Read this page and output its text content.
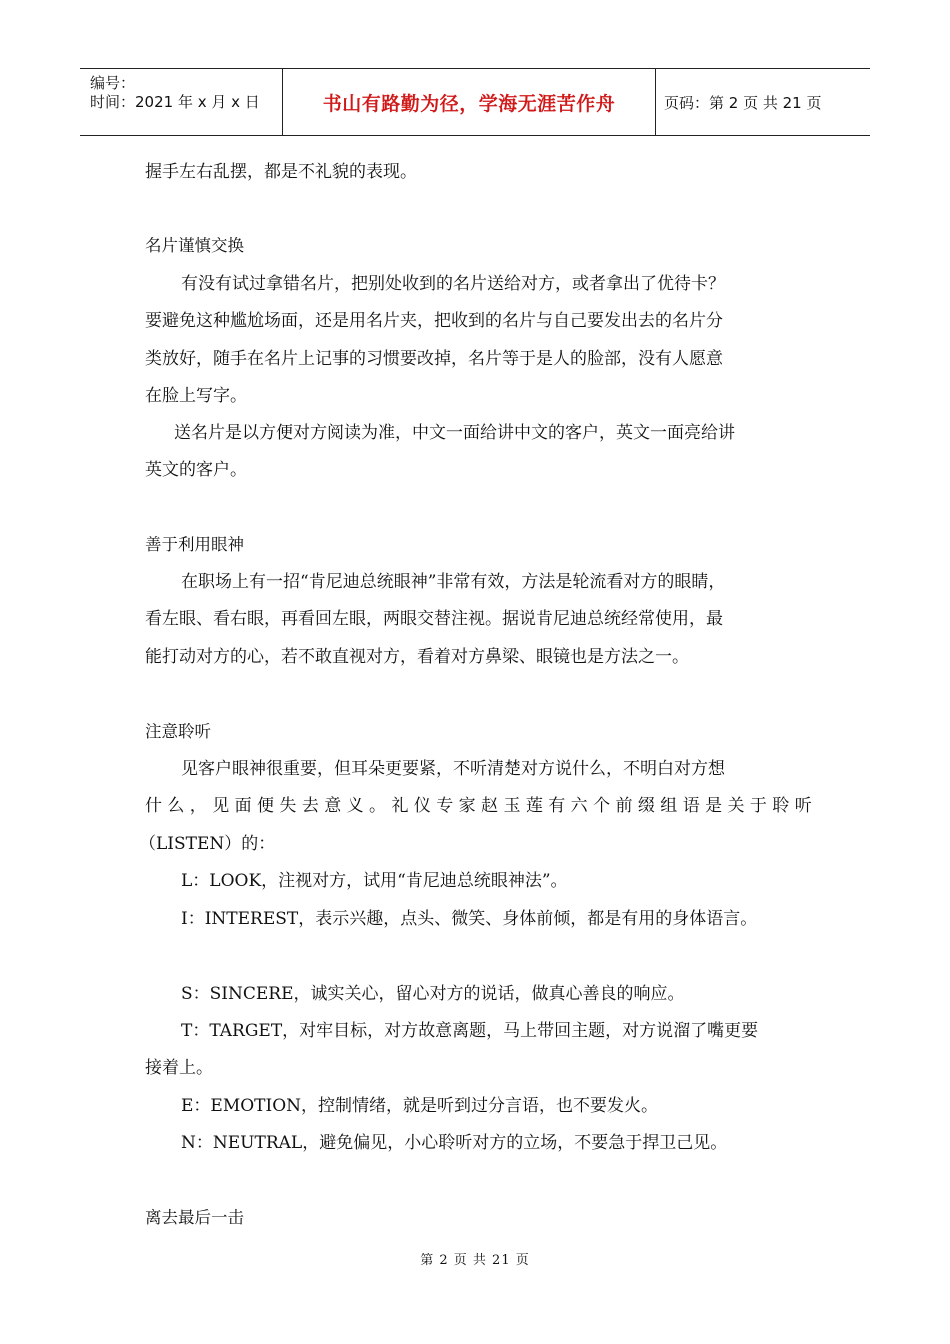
编号：
时间：2021 年 x 月 x 日	书山有路勤为径，学海无涯苦作舟	页码：第 2 页 共 21 页
握手左右乱摆，都是不礼貌的表现。
名片谨慎交换
有没有试过拿错名片，把别处收到的名片送给对方，或者拿出了优待卡？
要避免这种尴尬场面，还是用名片夹，把收到的名片与自己要发出去的名片分
类放好，随手在名片上记事的习惯要改掉，名片等于是人的脸部，没有人愿意
在脸上写字。
送名片是以方便对方阅读为准，中文一面给讲中文的客户，英文一面亮给讲
英文的客户。
善于利用眼神
在职场上有一招“肯尼迪总统眼神”非常有效，方法是轮流看对方的眼睛，
看左眼、看右眼，再看回左眼，两眼交替注视。据说肯尼迪总统经常使用，最
能打动对方的心，若不敢直视对方，看着对方鼻梁、眼镜也是方法之一。
注意聆听
见客户眼神很重要，但耳朵更要紧，不听清楚对方说什么，不明白对方想
什 么 ， 见 面 便 失 去 意 义 。 礼 仪 专 家 赵 玉 莲 有 六 个 前 缀 组 语 是 关 于 聆 听
（LISTEN）的：
L：LOOK，注视对方，试用“肯尼迪总统眼神法”。
I：INTEREST，表示兴趣，点头、微笑、身体前倾，都是有用的身体语言。
S：SINCERE，诚实关心，留心对方的说话，做真心善良的响应。
T：TARGET，对牢目标，对方故意离题，马上带回主题，对方说溜了嘴更要
接着上。
E：EMOTION，控制情绪，就是听到过分言语，也不要发火。
N：NEUTRAL，避免偏见，小心聆听对方的立场，不要急于捍卫己见。
离去最后一击
第 2 页 共 21 页
